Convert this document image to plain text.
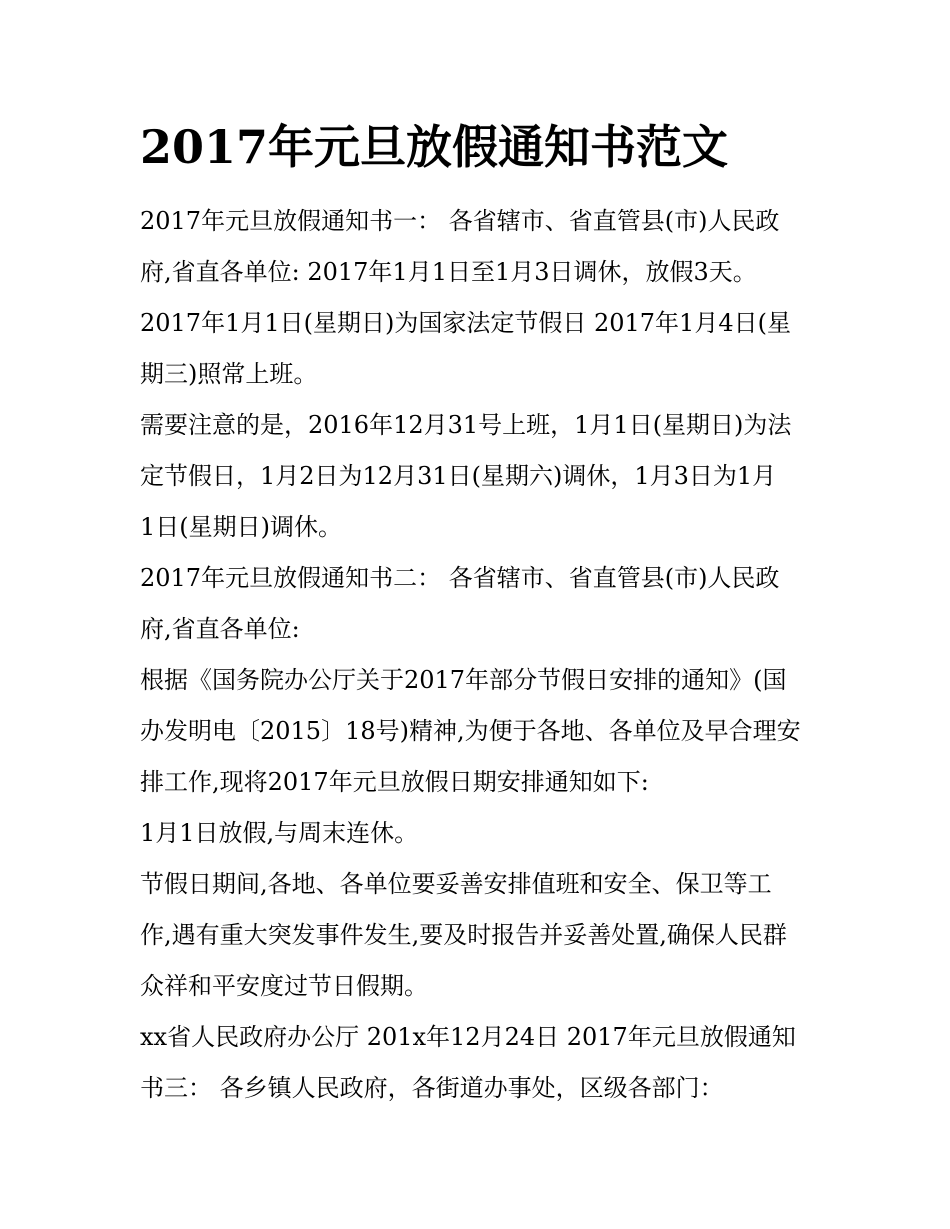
2017年元旦放假通知书范文

2017年元旦放假通知书一： 各省辖市、省直管县(市)人民政

府,省直各单位: 2017年1月1日至1月3日调休，放假3天。

2017年1月1日(星期日)为国家法定节假日 2017年1月4日(星

期三)照常上班。

需要注意的是，2016年12月31号上班，1月1日(星期日)为法

定节假日，1月2日为12月31日(星期六)调休，1月3日为1月

1日(星期日)调休。

2017年元旦放假通知书二： 各省辖市、省直管县(市)人民政

府,省直各单位:

根据《国务院办公厅关于2017年部分节假日安排的通知》(国

办发明电〔2015〕18号)精神,为便于各地、各单位及早合理安

排工作,现将2017年元旦放假日期安排通知如下:

1月1日放假,与周末连休。

节假日期间,各地、各单位要妥善安排值班和安全、保卫等工

作,遇有重大突发事件发生,要及时报告并妥善处置,确保人民群

众祥和平安度过节日假期。

xx省人民政府办公厅 201x年12月24日 2017年元旦放假通知

书三： 各乡镇人民政府，各街道办事处，区级各部门：
